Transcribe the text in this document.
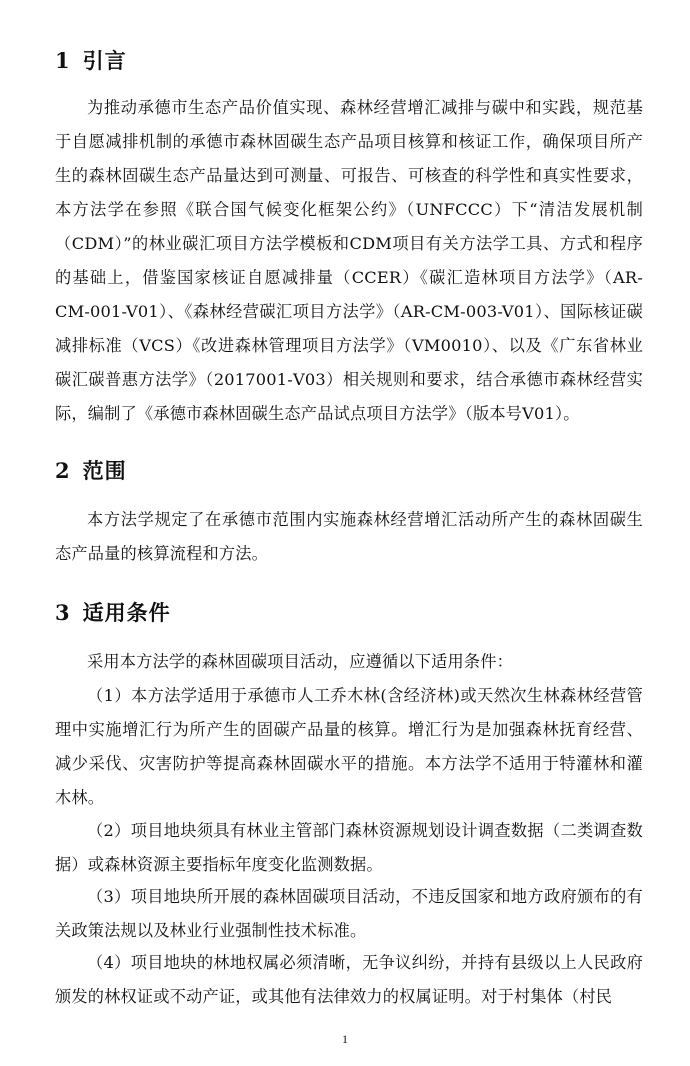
1 引言

为推动承德市生态产品价值实现、森林经营增汇减排与碳中和实践，规范基于自愿减排机制的承德市森林固碳生态产品项目核算和核证工作，确保项目所产生的森林固碳生态产品量达到可测量、可报告、可核查的科学性和真实性要求，本方法学在参照《联合国气候变化框架公约》（UNFCCC）下“清洁发展机制（CDM）”的林业碳汇项目方法学模板和CDM项目有关方法学工具、方式和程序的基础上，借鉴国家核证自愿减排量（CCER）《碳汇造林项目方法学》（AR-CM-001-V01）、《森林经营碳汇项目方法学》（AR-CM-003-V01）、国际核证碳减排标准（VCS）《改进森林管理项目方法学》（VM0010）、以及《广东省林业碳汇碳普惠方法学》（2017001-V03）相关规则和要求，结合承德市森林经营实际，编制了《承德市森林固碳生态产品试点项目方法学》（版本号V01）。

2 范围

本方法学规定了在承德市范围内实施森林经营增汇活动所产生的森林固碳生态产品量的核算流程和方法。

3 适用条件

采用本方法学的森林固碳项目活动，应遵循以下适用条件：

（1）本方法学适用于承德市人工乔木林(含经济林)或天然次生林森林经营管理中实施增汇行为所产生的固碳产品量的核算。增汇行为是加强森林抚育经营、减少采伐、灾害防护等提高森林固碳水平的措施。本方法学不适用于特灌林和灌木林。

（2）项目地块须具有林业主管部门森林资源规划设计调查数据（二类调查数据）或森林资源主要指标年度变化监测数据。

（3）项目地块所开展的森林固碳项目活动，不违反国家和地方政府颁布的有关政策法规以及林业行业强制性技术标准。

（4）项目地块的林地权属必须清晰，无争议纠纷，并持有县级以上人民政府颁发的林权证或不动产证，或其他有法律效力的权属证明。对于村集体（村民

1
